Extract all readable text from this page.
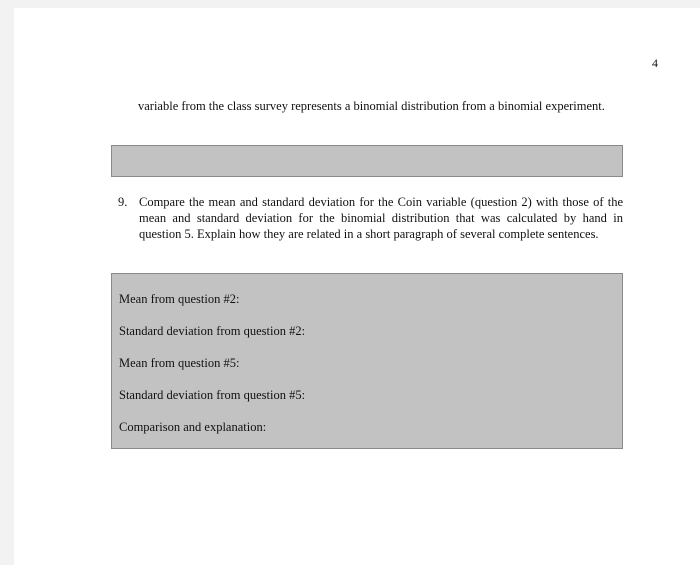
4
variable from the class survey represents a binomial distribution from a binomial experiment.
9. Compare the mean and standard deviation for the Coin variable (question 2) with those of the mean and standard deviation for the binomial distribution that was calculated by hand in question 5. Explain how they are related in a short paragraph of several complete sentences.
Mean from question #2:
Standard deviation from question #2:
Mean from question #5:
Standard deviation from question #5:
Comparison and explanation:
